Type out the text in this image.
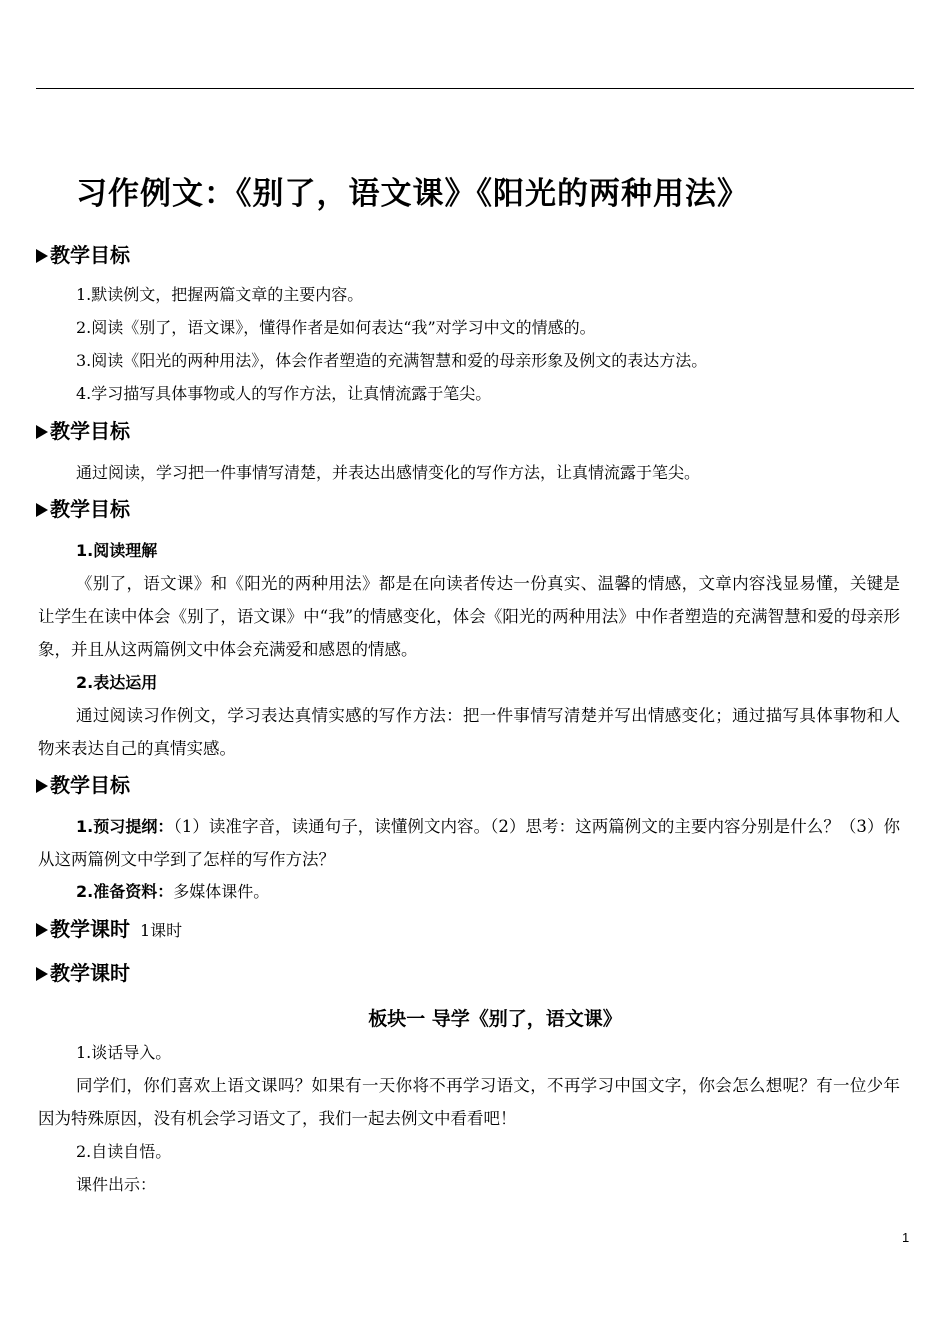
习作例文：《别了，语文课》《阳光的两种用法》
教学目标

1.默读例文，把握两篇文章的主要内容。

2.阅读《别了，语文课》，懂得作者是如何表达“我”对学习中文的情感的。

3.阅读《阳光的两种用法》，体会作者塑造的充满智慧和爱的母亲形象及例文的表达方法。

4.学习描写具体事物或人的写作方法，让真情流露于笔尖。

教学目标

通过阅读，学习把一件事情写清楚，并表达出感情变化的写作方法，让真情流露于笔尖。

教学目标

1.阅读理解

《别了，语文课》和《阳光的两种用法》都是在向读者传达一份真实、温馨的情感，文章内容浅显易懂，关键是让学生在读中体会《别了，语文课》中“我”的情感变化，体会《阳光的两种用法》中作者塑造的充满智慧和爱的母亲形象，并且从这两篇例文中体会充满爱和感恩的情感。

2.表达运用

通过阅读习作例文，学习表达真情实感的写作方法：把一件事情写清楚并写出情感变化；通过描写具体事物和人物来表达自己的真情实感。

教学目标

1.预习提纲：（1）读准字音，读通句子，读懂例文内容。（2）思考：这两篇例文的主要内容分别是什么？（3）你从这两篇例文中学到了怎样的写作方法？

2.准备资料：多媒体课件。

教学课时 1课时
教学课时
板块一 导学《别了，语文课》

1.谈话导入。

同学们，你们喜欢上语文课吗？如果有一天你将不再学习语文，不再学习中国文字，你会怎么想呢？有一位少年因为特殊原因，没有机会学习语文了，我们一起去例文中看看吧！

2.自读自悟。

课件出示：

1
